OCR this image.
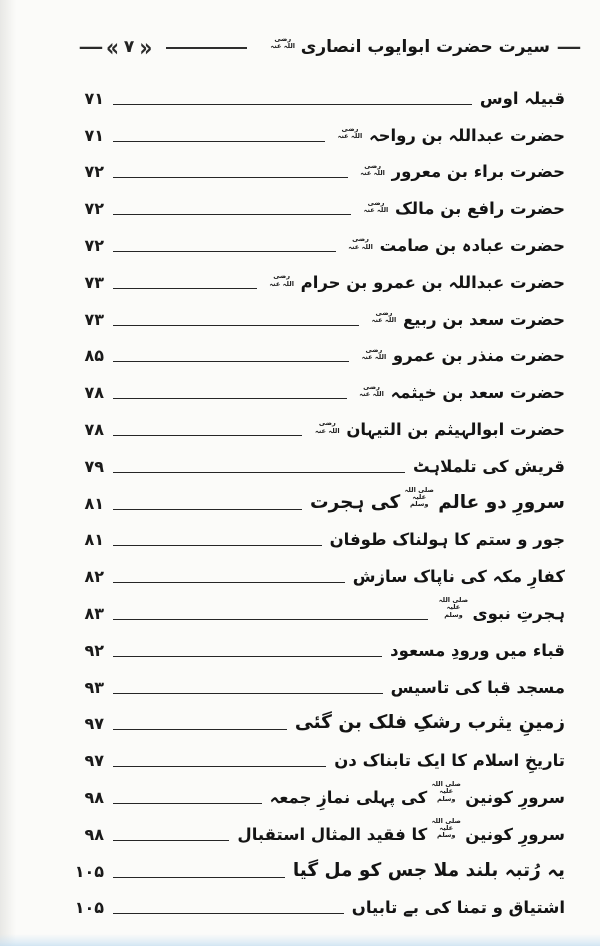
—
سیرت حضرت ابوایوب انصاریرضی اللہ عنہ
«
۷
»
—
قبیلہ اوس
۷۱
حضرت عبداللہ بن رواحہ
رضی اللہ عنہ
۷۱
حضرت براء بن معرور
رضی اللہ عنہ
۷۲
حضرت رافع بن مالک
رضی اللہ عنہ
۷۲
حضرت عبادہ بن صامت
رضی اللہ عنہ
۷۲
حضرت عبداللہ بن عمرو بن حرام
رضی اللہ عنہ
۷۳
حضرت سعد بن ربیع
رضی اللہ عنہ
۷۳
حضرت منذر بن عمرو
رضی اللہ عنہ
۸۵
حضرت سعد بن خیثمہ
رضی اللہ عنہ
۷۸
حضرت ابوالہیثم بن التیہان
رضی اللہ عنہ
۷۸
قریش کی تلملاہٹ
۷۹
سرورِ دو عالم
صلی اللہ علیہ وسلم
کی ہجرت
۸۱
جور و ستم کا ہولناک طوفان
۸۱
کفارِ مکہ کی ناپاک سازش
۸۲
ہجرتِ نبوی
صلی اللہ علیہ وسلم
۸۳
قباء میں ورودِ مسعود
۹۲
مسجد قبا کی تاسیس
۹۳
زمینِ یثرب رشکِ فلک بن گئی
۹۷
تاریخِ اسلام کا ایک تابناک دن
۹۷
سرورِ کونین
صلی اللہ علیہ وسلم
کی پہلی نمازِ جمعہ
۹۸
سرورِ کونین
صلی اللہ علیہ وسلم
کا فقید المثال استقبال
۹۸
یہ رُتبہ بلند ملا جس کو مل گیا
۱۰۵
اشتیاق و تمنا کی بے تابیاں
۱۰۵
